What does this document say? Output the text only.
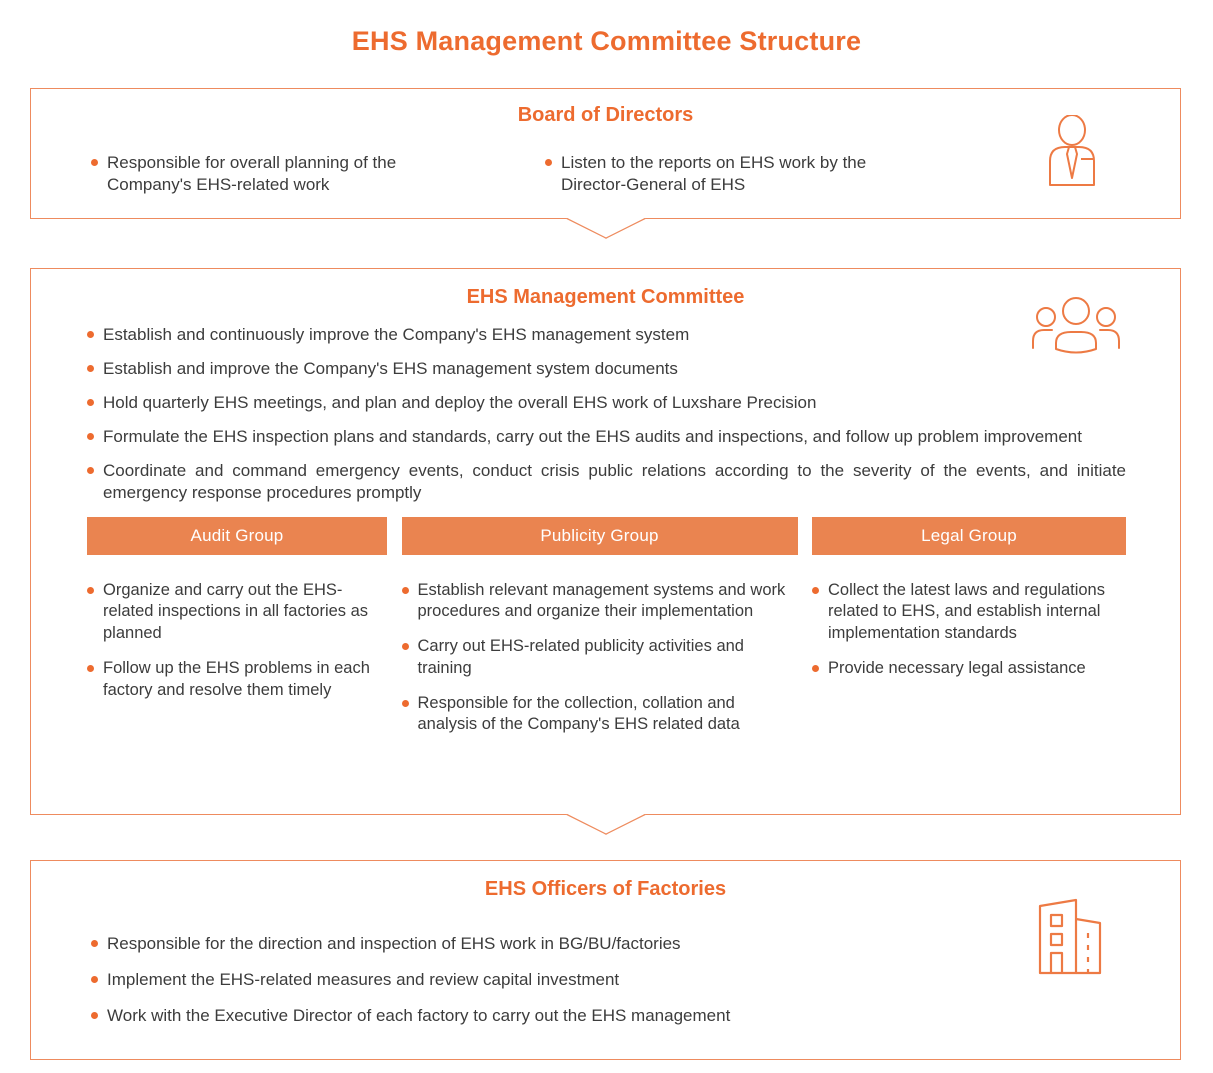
EHS Management Committee Structure
Board of Directors
Responsible for overall planning of the Company's EHS-related work
Listen to the reports on EHS work by the Director-General of EHS
EHS Management Committee
Establish and continuously improve the Company's EHS management system
Establish and improve the Company's EHS management system documents
Hold quarterly EHS meetings, and plan and deploy the overall EHS work of Luxshare Precision
Formulate the EHS inspection plans and standards, carry out the EHS audits and inspections, and follow up problem improvement
Coordinate and command emergency events, conduct crisis public relations according to the severity of the events, and initiate emergency response procedures promptly
Audit Group
Organize and carry out the EHS-related inspections in all factories as planned
Follow up the EHS problems in each factory and resolve them timely
Publicity Group
Establish relevant management systems and work procedures and organize their implementation
Carry out EHS-related publicity activities and training
Responsible for the collection, collation and analysis of the Company's EHS related data
Legal Group
Collect the latest laws and regulations related to EHS, and establish internal implementation standards
Provide necessary legal assistance
EHS Officers of Factories
Responsible for the direction and inspection of EHS work in BG/BU/factories
Implement the EHS-related measures and review capital investment
Work with the Executive Director of each factory to carry out the EHS management
